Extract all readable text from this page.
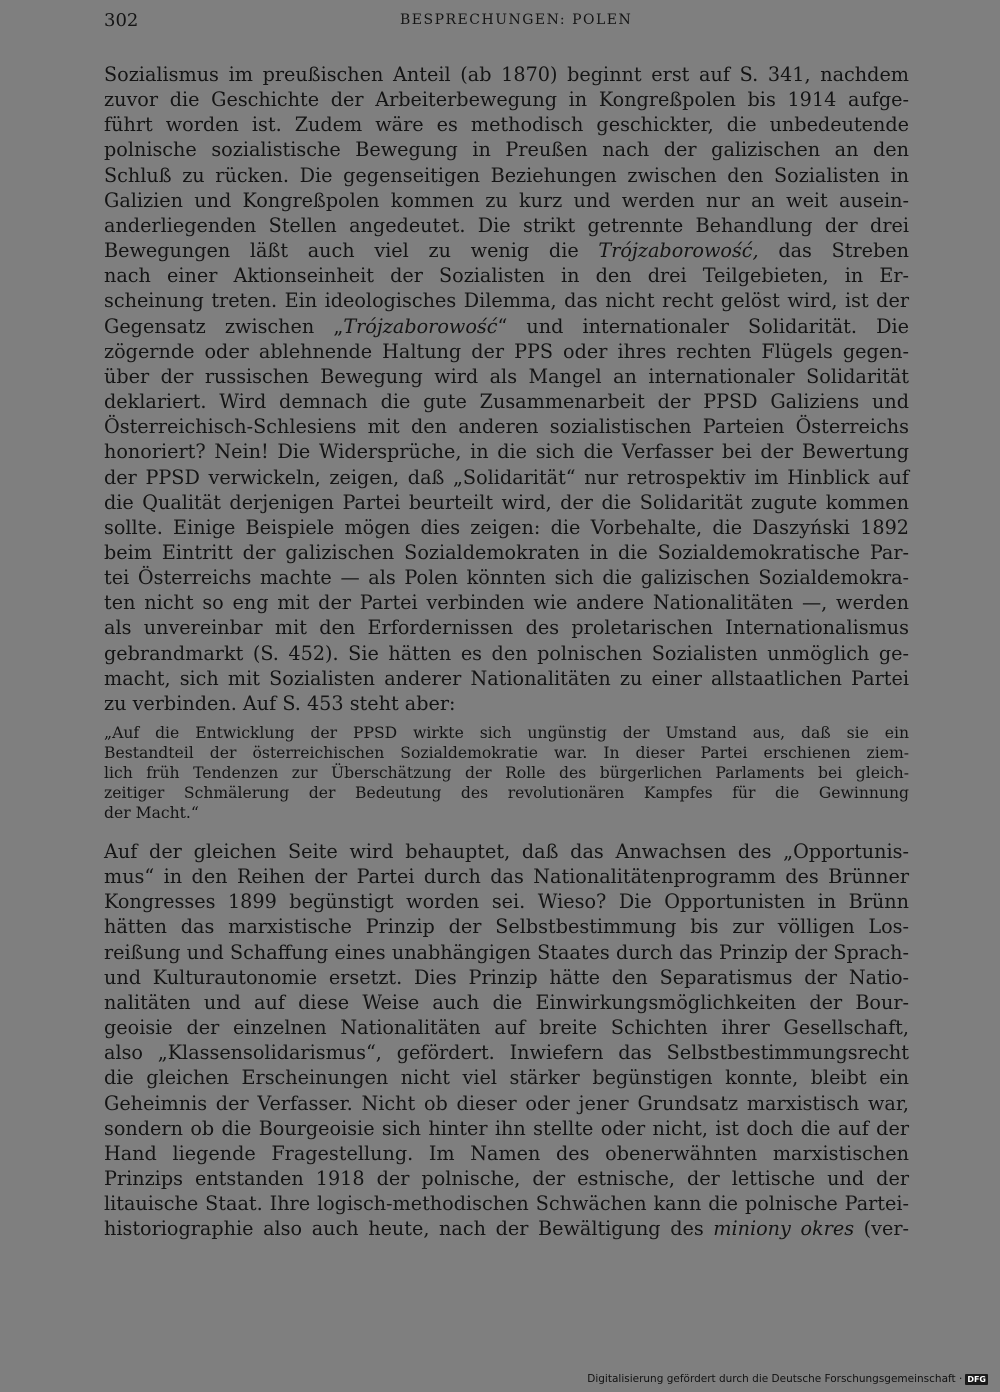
302	BESPRECHUNGEN: POLEN
Sozialismus im preußischen Anteil (ab 1870) beginnt erst auf S. 341, nachdem
zuvor die Geschichte der Arbeiterbewegung in Kongreßpolen bis 1914 aufge-
führt worden ist. Zudem wäre es methodisch geschickter, die unbedeutende
polnische sozialistische Bewegung in Preußen nach der galizischen an den
Schluß zu rücken. Die gegenseitigen Beziehungen zwischen den Sozialisten in
Galizien und Kongreßpolen kommen zu kurz und werden nur an weit ausein-
anderliegenden Stellen angedeutet. Die strikt getrennte Behandlung der drei
Bewegungen läßt auch viel zu wenig die Trójzaborowość, das Streben
nach einer Aktionseinheit der Sozialisten in den drei Teilgebieten, in Er-
scheinung treten. Ein ideologisches Dilemma, das nicht recht gelöst wird, ist der
Gegensatz zwischen „Trójzaborowość“ und internationaler Solidarität. Die
zögernde oder ablehnende Haltung der PPS oder ihres rechten Flügels gegen-
über der russischen Bewegung wird als Mangel an internationaler Solidarität
deklariert. Wird demnach die gute Zusammenarbeit der PPSD Galiziens und
Österreichisch-Schlesiens mit den anderen sozialistischen Parteien Österreichs
honoriert? Nein! Die Widersprüche, in die sich die Verfasser bei der Bewertung
der PPSD verwickeln, zeigen, daß „Solidarität“ nur retrospektiv im Hinblick auf
die Qualität derjenigen Partei beurteilt wird, der die Solidarität zugute kommen
sollte. Einige Beispiele mögen dies zeigen: die Vorbehalte, die Daszyński 1892
beim Eintritt der galizischen Sozialdemokraten in die Sozialdemokratische Par-
tei Österreichs machte — als Polen könnten sich die galizischen Sozialdemokra-
ten nicht so eng mit der Partei verbinden wie andere Nationalitäten —, werden
als unvereinbar mit den Erfordernissen des proletarischen Internationalismus
gebrandmarkt (S. 452). Sie hätten es den polnischen Sozialisten unmöglich ge-
macht, sich mit Sozialisten anderer Nationalitäten zu einer allstaatlichen Partei
zu verbinden. Auf S. 453 steht aber:
„Auf die Entwicklung der PPSD wirkte sich ungünstig der Umstand aus, daß sie ein
Bestandteil der österreichischen Sozialdemokratie war. In dieser Partei erschienen ziem-
lich früh Tendenzen zur Überschätzung der Rolle des bürgerlichen Parlaments bei gleich-
zeitiger Schmälerung der Bedeutung des revolutionären Kampfes für die Gewinnung
der Macht.“
Auf der gleichen Seite wird behauptet, daß das Anwachsen des „Opportunis-
mus“ in den Reihen der Partei durch das Nationalitätenprogramm des Brünner
Kongresses 1899 begünstigt worden sei. Wieso? Die Opportunisten in Brünn
hätten das marxistische Prinzip der Selbstbestimmung bis zur völligen Los-
reißung und Schaffung eines unabhängigen Staates durch das Prinzip der Sprach-
und Kulturautonomie ersetzt. Dies Prinzip hätte den Separatismus der Natio-
nalitäten und auf diese Weise auch die Einwirkungsmöglichkeiten der Bour-
geoisie der einzelnen Nationalitäten auf breite Schichten ihrer Gesellschaft,
also „Klassensolidarismus“, gefördert. Inwiefern das Selbstbestimmungsrecht
die gleichen Erscheinungen nicht viel stärker begünstigen konnte, bleibt ein
Geheimnis der Verfasser. Nicht ob dieser oder jener Grundsatz marxistisch war,
sondern ob die Bourgeoisie sich hinter ihn stellte oder nicht, ist doch die auf der
Hand liegende Fragestellung. Im Namen des obenerwähnten marxistischen
Prinzips entstanden 1918 der polnische, der estnische, der lettische und der
litauische Staat. Ihre logisch-methodischen Schwächen kann die polnische Partei-
historiographie also auch heute, nach der Bewältigung des miniony okres (ver-
Digitalisierung gefördert durch die Deutsche Forschungsgemeinschaft · DFG
